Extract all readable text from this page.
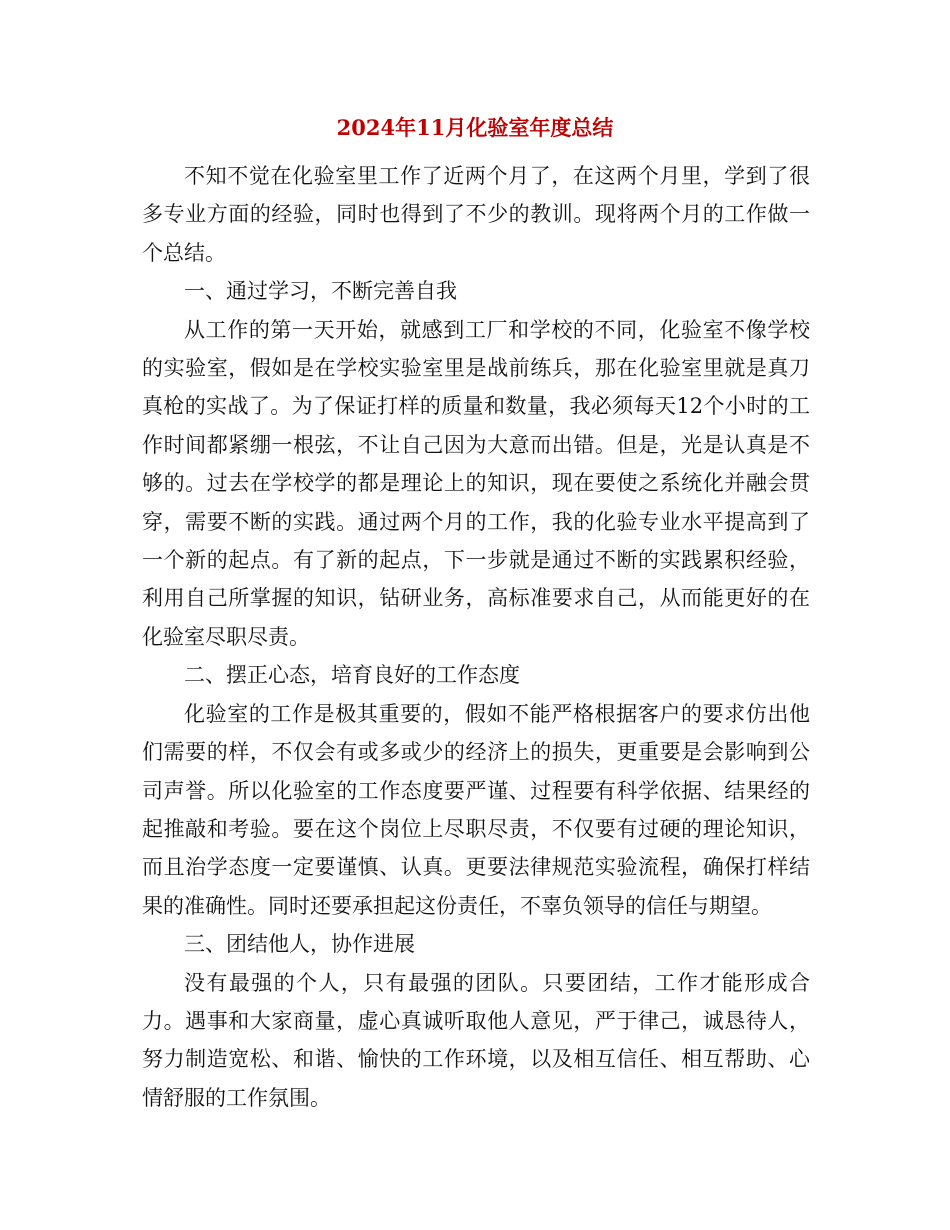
2024年11月化验室年度总结

不知不觉在化验室里工作了近两个月了，在这两个月里，学到了很多专业方面的经验，同时也得到了不少的教训。现将两个月的工作做一个总结。

一、通过学习，不断完善自我

从工作的第一天开始，就感到工厂和学校的不同，化验室不像学校的实验室，假如是在学校实验室里是战前练兵，那在化验室里就是真刀真枪的实战了。为了保证打样的质量和数量，我必须每天12个小时的工作时间都紧绷一根弦，不让自己因为大意而出错。但是，光是认真是不够的。过去在学校学的都是理论上的知识，现在要使之系统化并融会贯穿，需要不断的实践。通过两个月的工作，我的化验专业水平提高到了一个新的起点。有了新的起点，下一步就是通过不断的实践累积经验，利用自己所掌握的知识，钻研业务，高标准要求自己，从而能更好的在化验室尽职尽责。

二、摆正心态，培育良好的工作态度

化验室的工作是极其重要的，假如不能严格根据客户的要求仿出他们需要的样，不仅会有或多或少的经济上的损失，更重要是会影响到公司声誉。所以化验室的工作态度要严谨、过程要有科学依据、结果经的起推敲和考验。要在这个岗位上尽职尽责，不仅要有过硬的理论知识，而且治学态度一定要谨慎、认真。更要法律规范实验流程，确保打样结果的准确性。同时还要承担起这份责任，不辜负领导的信任与期望。

三、团结他人，协作进展

没有最强的个人，只有最强的团队。只要团结，工作才能形成合力。遇事和大家商量，虚心真诚听取他人意见，严于律己，诚恳待人，努力制造宽松、和谐、愉快的工作环境，以及相互信任、相互帮助、心情舒服的工作氛围。
